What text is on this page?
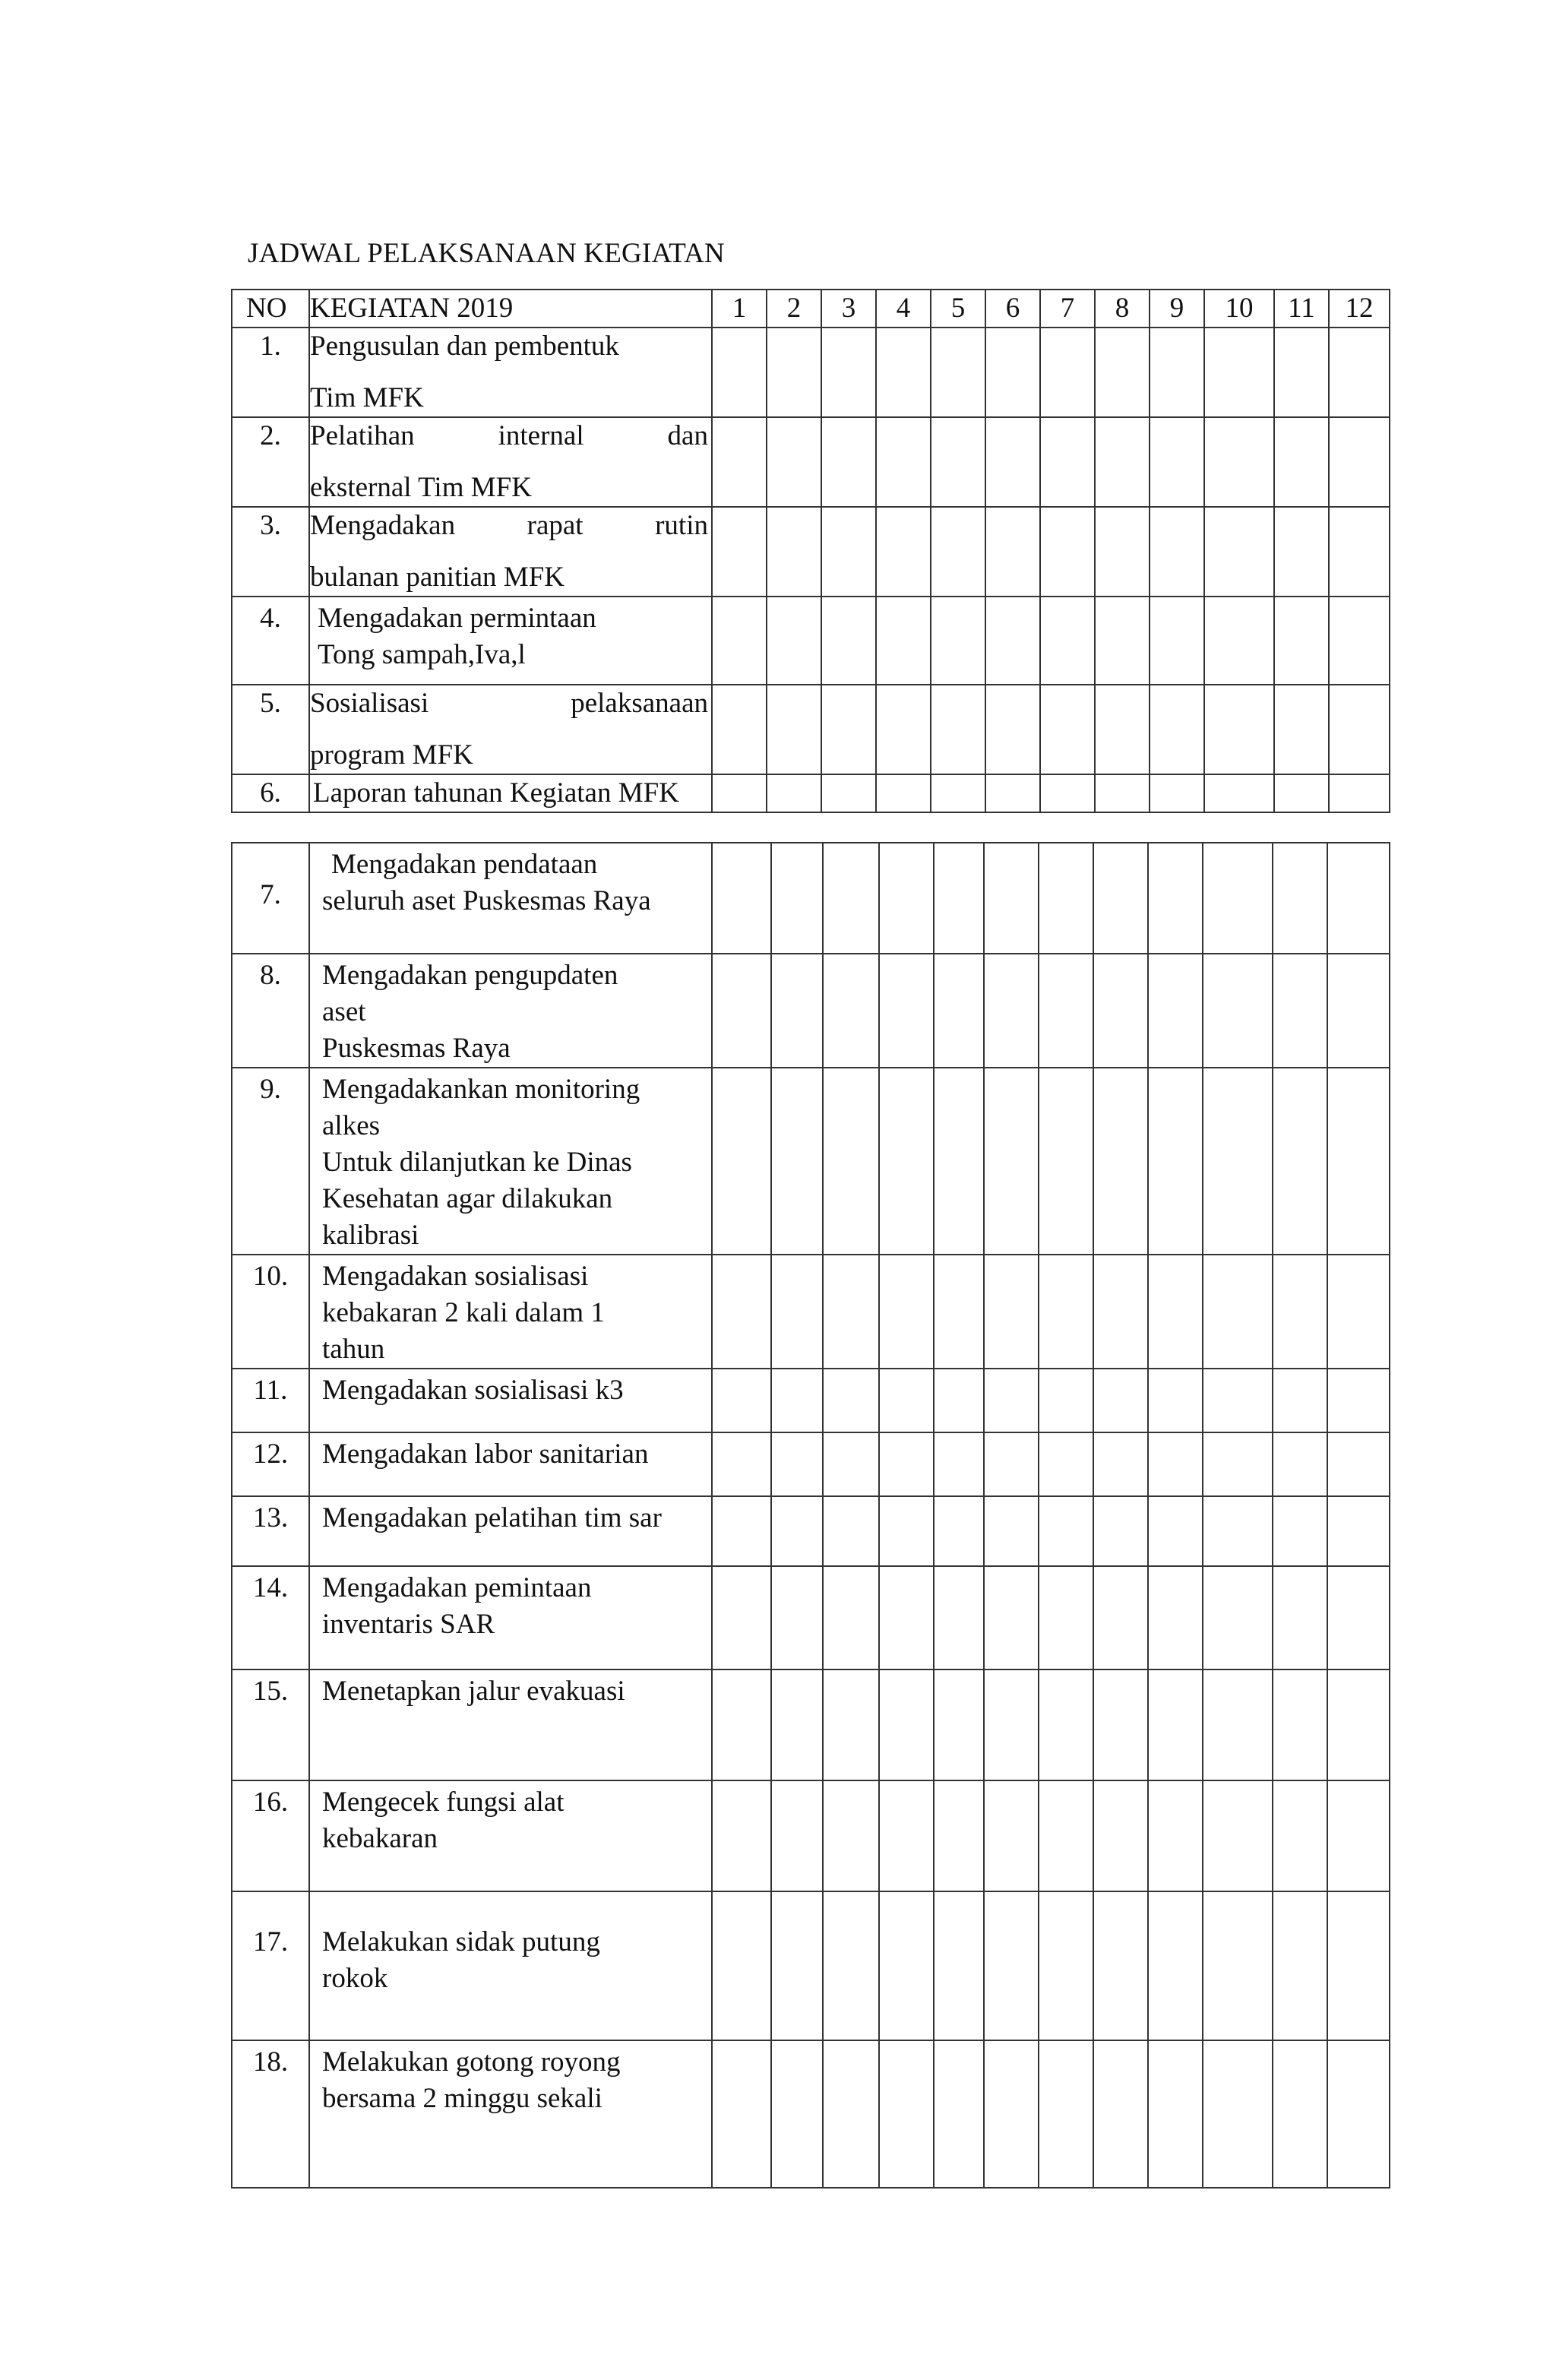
JADWAL PELAKSANAAN KEGIATAN
NO	KEGIATAN 2019	1	2	3	4	5	6	7	8	9	10	11	12
1.	Pengusulan dan pembentuk
Tim MFK												

2.	Pelatihan internal dan
eksternal Tim MFK												

3.	Mengadakan rapat rutin
bulanan panitian MFK												

4.	Mengadakan permintaan
Tong sampah,Iva,l												

5.	Sosialisasi pelaksanaan
program MFK												

6.	Laporan tahunan Kegiatan MFK												

7.	Mengadakan pendataan
seluruh aset Puskesmas Raya												

8.	Mengadakan pengupdaten
aset
Puskesmas Raya												

9.	Mengadakankan monitoring
alkes
Untuk dilanjutkan ke Dinas
Kesehatan agar dilakukan
kalibrasi												

10.	Mengadakan sosialisasi
kebakaran 2 kali dalam 1
tahun												

11.	Mengadakan sosialisasi k3												

12.	Mengadakan labor sanitarian												

13.	Mengadakan pelatihan tim sar												

14.	Mengadakan pemintaan
inventaris SAR												

15.	Menetapkan jalur evakuasi												

16.	Mengecek fungsi alat
kebakaran												

17.	Melakukan sidak putung
rokok												

18.	Melakukan gotong royong
bersama 2 minggu sekali												
